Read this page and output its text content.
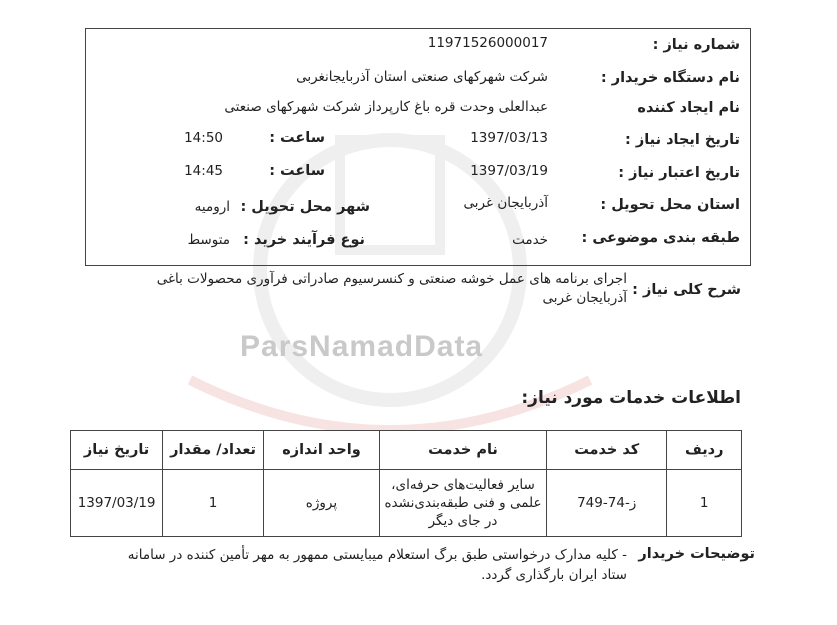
ParsNamadData
شماره نیاز :
11971526000017
نام دستگاه خریدار :
شرکت شهرکهای صنعتی استان آذربایجانغربی
نام ایجاد کننده
عبدالعلی وحدت قره باغ کارپرداز شرکت شهرکهای صنعتی
تاریخ ایجاد نیاز :
1397/03/13
ساعت :
14:50
تاریخ اعتبار نیاز :
1397/03/19
ساعت :
14:45
استان محل تحویل :
آذربایجان غربی
شهر محل تحویل :
ارومیه
طبقه بندی موضوعی :
خدمت
نوع فرآیند خرید :
متوسط
شرح کلی نیاز :
اجرای برنامه های عمل خوشه صنعتی و کنسرسیوم صادراتی فرآوری محصولات باغی آذربایجان غربی
اطلاعات خدمات مورد نیاز:
ردیف	کد خدمت	نام خدمت	واحد اندازه	تعداد/ مقدار	تاریخ نیاز
1	ز-74-749	سایر فعالیت‌های حرفه‌ای، علمی و فنی طبقه‌بندی‌نشده در جای دیگر	پروژه	1	1397/03/19
توضیحات خریدار
- کلیه مدارک درخواستی طبق برگ استعلام میبایستی ممهور به مهر تأمین کننده در سامانه ستاد ایران بارگذاری گردد.
